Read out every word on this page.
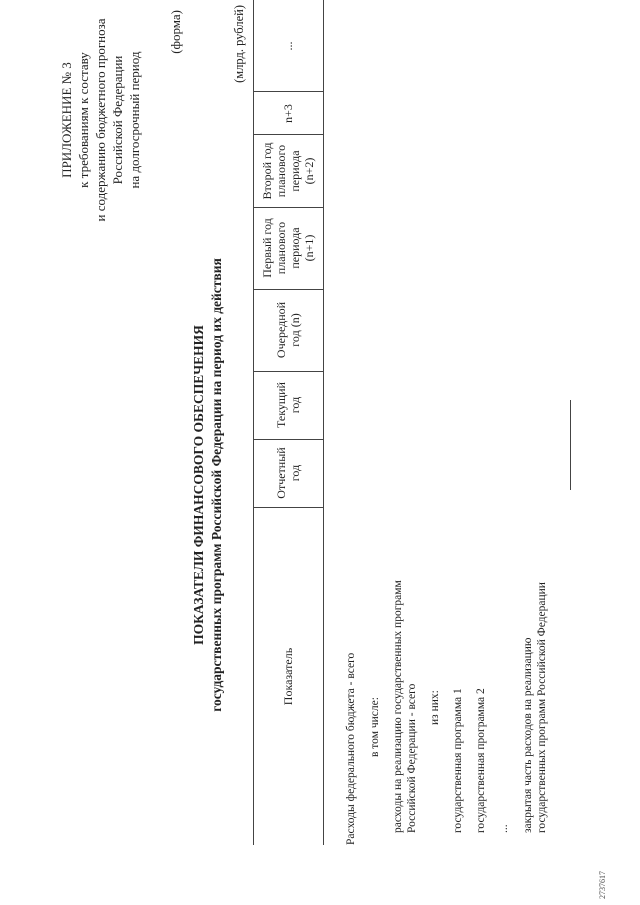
ПРИЛОЖЕНИЕ № 3 к требованиям к составу и содержанию бюджетного прогноза Российской Федерации на долгосрочный период
(форма)
ПОКАЗАТЕЛИ ФИНАНСОВОГО ОБЕСПЕЧЕНИЯ государственных программ Российской Федерации на период их действия
(млрд. рублей)
Показатель
Отчетный год
Текущий год
Очередной год (n)
Первый год планового периода (n+1)
Второй год планового периода (n+2)
n+3
...
Расходы федерального бюджета - всего в том числе: расходы на реализацию государственных программ Российской Федерации - всего из них: государственная программа 1 государственная программа 2 ... закрытая часть расходов на реализацию государственных программ Российской Федерации
2737617
